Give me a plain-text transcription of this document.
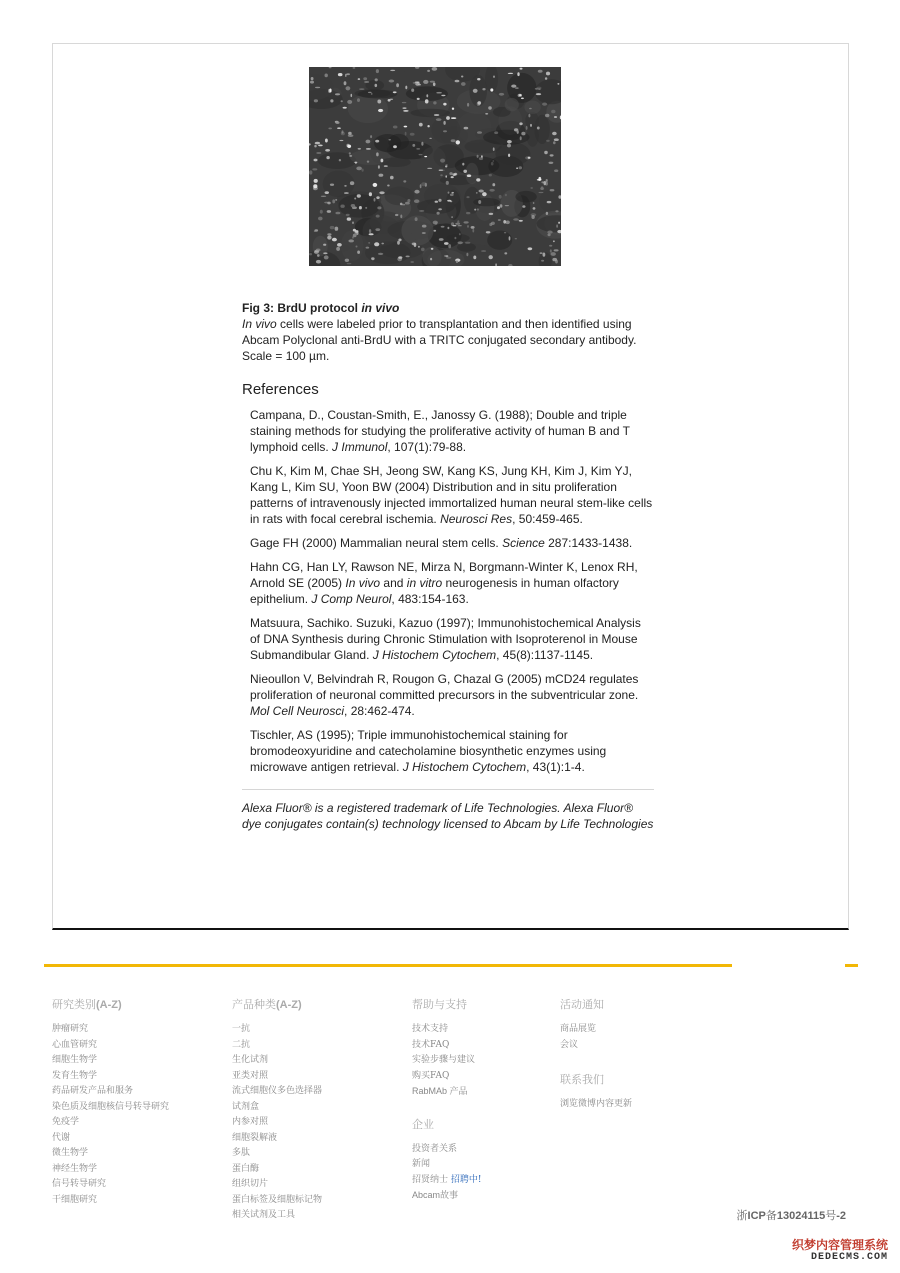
Fig 3: BrdU protocol in vivo

In vivo cells were labeled prior to transplantation and then identified using Abcam Polyclonal anti-BrdU with a TRITC conjugated secondary antibody. Scale = 100 µm.

References
Campana, D., Coustan-Smith, E., Janossy G. (1988); Double and triple staining methods for studying the proliferative activity of human B and T lymphoid cells. J Immunol, 107(1):79-88.
Chu K, Kim M, Chae SH, Jeong SW, Kang KS, Jung KH, Kim J, Kim YJ, Kang L, Kim SU, Yoon BW (2004) Distribution and in situ proliferation patterns of intravenously injected immortalized human neural stem-like cells in rats with focal cerebral ischemia. Neurosci Res, 50:459-465.
Gage FH (2000) Mammalian neural stem cells. Science 287:1433-1438.
Hahn CG, Han LY, Rawson NE, Mirza N, Borgmann-Winter K, Lenox RH, Arnold SE (2005) In vivo and in vitro neurogenesis in human olfactory epithelium. J Comp Neurol, 483:154-163.
Matsuura, Sachiko. Suzuki, Kazuo (1997); Immunohistochemical Analysis of DNA Synthesis during Chronic Stimulation with Isoproterenol in Mouse Submandibular Gland. J Histochem Cytochem, 45(8):1137-1145.
Nieoullon V, Belvindrah R, Rougon G, Chazal G (2005) mCD24 regulates proliferation of neuronal committed precursors in the subventricular zone. Mol Cell Neurosci, 28:462-474.
Tischler, AS (1995); Triple immunohistochemical staining for bromodeoxyuridine and catecholamine biosynthetic enzymes using microwave antigen retrieval. J Histochem Cytochem, 43(1):1-4.

Alexa Fluor® is a registered trademark of Life Technologies. Alexa Fluor® dye conjugates contain(s) technology licensed to Abcam by Life Technologies

研究类别(A-Z)
肿瘤研究
心血管研究
细胞生物学
发育生物学
药品研发产品和服务
染色质及细胞核信号转导研究
免疫学
代谢
微生物学
神经生物学
信号转导研究
干细胞研究
产品种类(A-Z)
一抗
二抗
生化试剂
亚类对照
流式细胞仪多色选择器
试剂盒
内参对照
细胞裂解液
多肽
蛋白酶
组织切片
蛋白标签及细胞标记物
相关试剂及工具
帮助与支持
技术支持
技术FAQ
实验步骤与建议
购买FAQ
RabMAb 产品
企业
投资者关系
新闻
招贤纳士 招聘中!
Abcam故事
活动通知
商品展览
会议
联系我们
浏览微博内容更新
浙ICP备13024115号-2
织梦内容管理系统
DEDECMS.COM
